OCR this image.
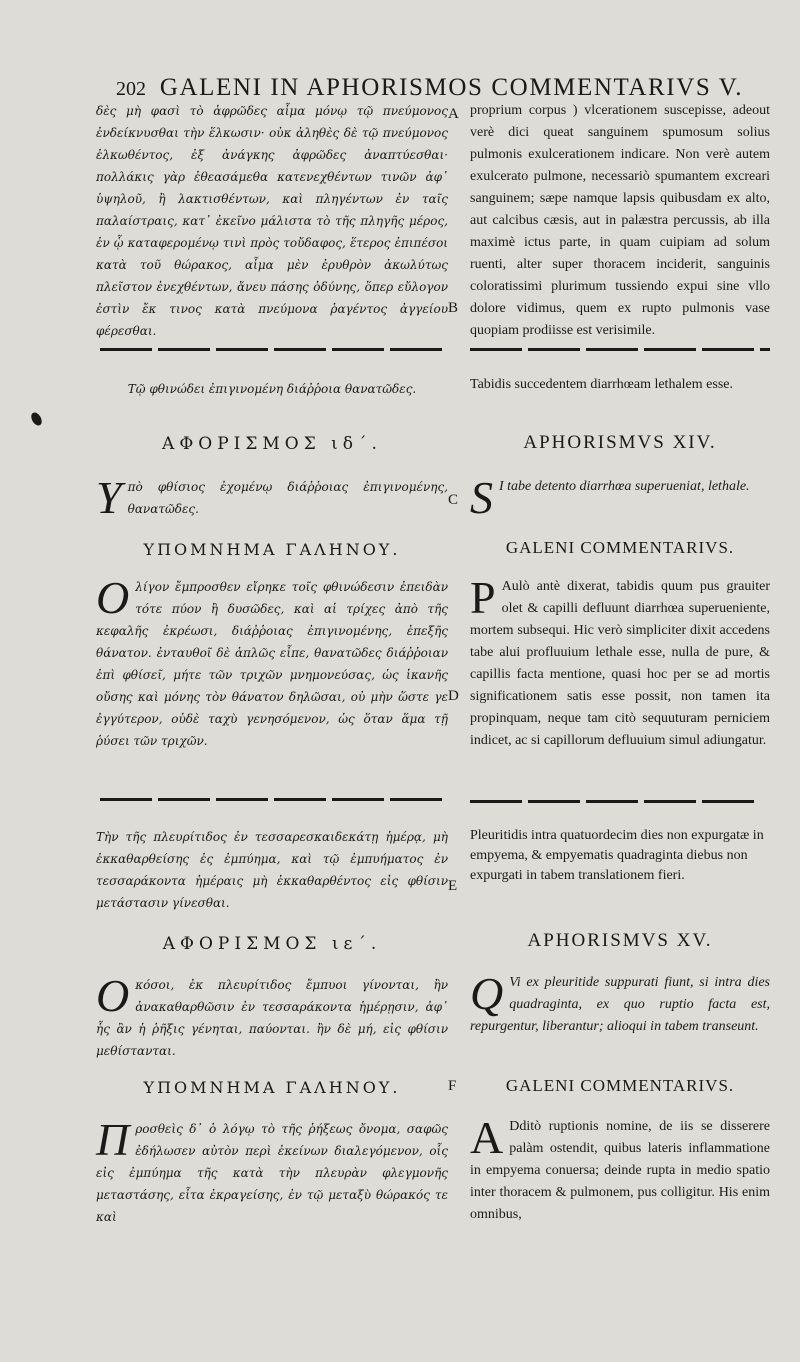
202 GALENI IN APHORISMOS COMMENTARIVS V.
δὲς μὴ φασὶ τὸ ἀφρῶδες αἷμα μόνῳ τῷ πνεύμονος ἐνδείκνυσθαι τὴν ἕλκωσιν· οὐκ ἀληθὲς δὲ τῷ πνεύμονος ἐλκωθέντος, ἐξ ἀνάγκης ἀφρῶδες ἀναπτύεσθαι· πολλάκις γὰρ ἐθεασάμεθα κατενεχθέντων τινῶν ἀφ᾽ ὑψηλοῦ, ἢ λακτισθέντων, καὶ πληγέντων ἐν ταῖς παλαίστραις, κατ᾽ ἐκεῖνο μάλιστα τὸ τῆς πληγῆς μέρος, ἐν ᾧ καταφερομένῳ τινὶ πρὸς τοὔδαφος, ἕτερος ἐπιπέσοι κατὰ τοῦ θώρακος, αἷμα μὲν ἐρυθρὸν ἀκωλύτως πλεῖστον ἐνεχθέντων, ἄνευ πάσης ὀδύνης, ὅπερ εὔλογον ἐστὶν ἔκ τινος κατὰ πνεύμονα ῥαγέντος ἀγγείου φέρεσθαι.
proprium corpus ) vlcerationem suscepisse, adeout verè dici queat sanguinem spumosum solius pulmonis exulcerationem indicare. Non verè autem exulcerato pulmone, necessariò spumantem excreari sanguinem; sæpe namque lapsis quibusdam ex alto, aut calcibus cæsis, aut in palæstra percussis, ab illa maximè ictus parte, in quam cuipiam ad solum ruenti, alter super thoracem inciderit, sanguinis coloratissimi plurimum tussiendo expui sine vllo dolore vidimus, quem ex rupto pulmonis vase quopiam prodiisse est verisimile.
A
B
Τῷ φθινώδει ἐπιγινομένη διάῤῥοια θανατῶδες.	Tabidis succedentem diarrhœam lethalem esse.
ΑΦΟΡΙΣΜΟΣ ιδ΄.	APHORISMVS XIV.
Υ πὸ φθίσιος ἐχομένῳ διάῤῥοιας ἐπιγινομένης, θανατῶδες.	S I tabe detento diarrhœa superueniat, lethale.
C
ΥΠΟΜΝΗΜΑ ΓΑΛΗΝΟΥ.	GALENI COMMENTARIVS.
Ο λίγον ἔμπροσθεν εἴρηκε τοῖς φθινώδεσιν ἐπειδὰν τότε πύον ἢ δυσῶδες, καὶ αἱ τρίχες ἀπὸ τῆς κεφαλῆς ἐκρέωσι, διάῤῥοιας ἐπιγινομένης, ἐπεξῆς θάνατον. ἐνταυθοῖ δὲ ἁπλῶς εἶπε, θανατῶδες διάῤῥοιαν ἐπὶ φθίσεῖ, μήτε τῶν τριχῶν μνημονεύσας, ὡς ἱκανῆς οὔσης καὶ μόνης τὸν θάνατον δηλῶσαι, οὐ μὴν ὥστε γε ἐγγύτερον, οὐδὲ ταχὺ γενησόμενον, ὡς ὅταν ἅμα τῇ ῥύσει τῶν τριχῶν.
P Aulò antè dixerat, tabidis quum pus grauiter olet & capilli defluunt diarrhœa superueniente, mortem subsequi. Hic verò simpliciter dixit accedens tabe alui profluuium lethale esse, nulla de pure, & capillis facta mentione, quasi hoc per se ad mortis significationem satis esse possit, non tamen ita propinquam, neque tam citò sequuturam perniciem indicet, ac si capillorum defluuium simul adiungatur.
D
Τὴν τῆς πλευρίτιδος ἐν τεσσαρεσκαιδεκάτῃ ἡμέρᾳ, μὴ ἐκκαθαρθείσης ἐς ἐμπύημα, καὶ τῷ ἐμπυήματος ἐν τεσσαράκοντα ἡμέραις μὴ ἐκκαθαρθέντος εἰς φθίσιν μετάστασιν γίνεσθαι.
Pleuritidis intra quatuordecim dies non expurgatæ in empyema, & empyematis quadraginta diebus non expurgati in tabem translationem fieri.
E
ΑΦΟΡΙΣΜΟΣ ιε΄.	APHORISMVS XV.
Ο κόσοι, ἐκ πλευρίτιδος ἔμπυοι γίνονται, ἢν ἀνακαθαρθῶσιν ἐν τεσσαράκοντα ἡμέρῃσιν, ἀφ᾽ ἧς ἂν ἡ ῥῆξις γένηται, παύονται. ἢν δὲ μή, εἰς φθίσιν μεθίστανται.
Q Vi ex pleuritide suppurati fiunt, si intra dies quadraginta, ex quo ruptio facta est, repurgentur, liberantur; alioqui in tabem transeunt.
ΥΠΟΜΝΗΜΑ ΓΑΛΗΝΟΥ.	F	GALENI COMMENTARIVS.
Π ροσθεὶς δ᾽ ὁ λόγῳ τὸ τῆς ῥήξεως ὄνομα, σαφῶς ἐδήλωσεν αὐτὸν περὶ ἐκείνων διαλεγόμενον, οἷς εἰς ἐμπύημα τῆς κατὰ τὴν πλευρὰν φλεγμονῆς μεταστάσης, εἶτα ἐκραγείσης, ἐν τῷ μεταξὺ θώρακός τε καὶ
A Dditò ruptionis nomine, de iis se disserere palàm ostendit, quibus lateris inflammatione in empyema conuersa; deinde rupta in medio spatio inter thoracem & pulmonem, pus colligitur. His enim omnibus,
